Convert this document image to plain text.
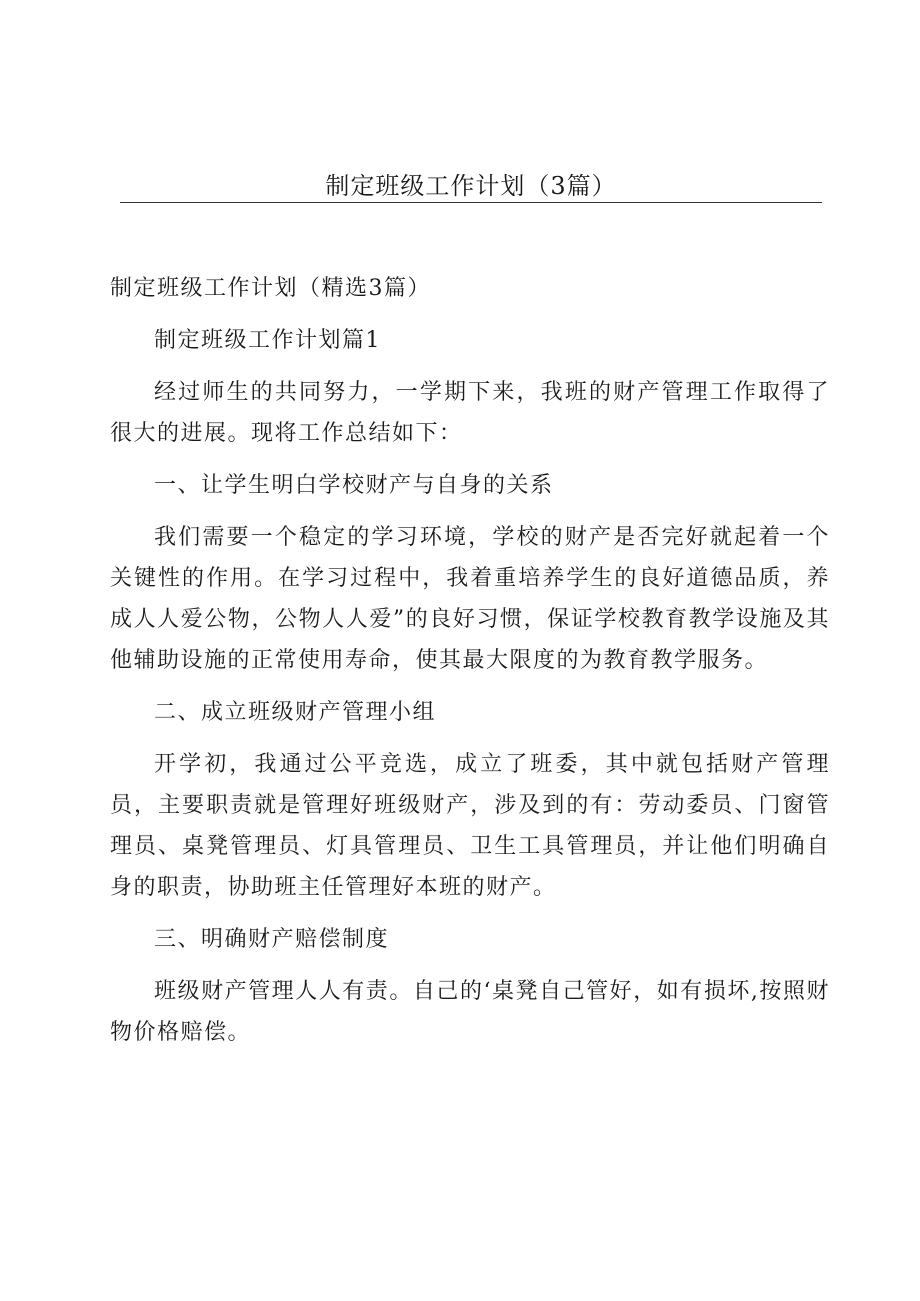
制定班级工作计划（3篇）

制定班级工作计划（精选3篇）

制定班级工作计划篇1

经过师生的共同努力，一学期下来，我班的财产管理工作取得了很大的进展。现将工作总结如下：

一、让学生明白学校财产与自身的关系

我们需要一个稳定的学习环境，学校的财产是否完好就起着一个关键性的作用。在学习过程中，我着重培养学生的良好道德品质，养成人人爱公物，公物人人爱”的良好习惯，保证学校教育教学设施及其他辅助设施的正常使用寿命，使其最大限度的为教育教学服务。

二、成立班级财产管理小组

开学初，我通过公平竞选，成立了班委，其中就包括财产管理员，主要职责就是管理好班级财产，涉及到的有：劳动委员、门窗管理员、桌凳管理员、灯具管理员、卫生工具管理员，并让他们明确自身的职责，协助班主任管理好本班的财产。

三、明确财产赔偿制度

班级财产管理人人有责。自己的‘桌凳自己管好，如有损坏,按照财物价格赔偿。
